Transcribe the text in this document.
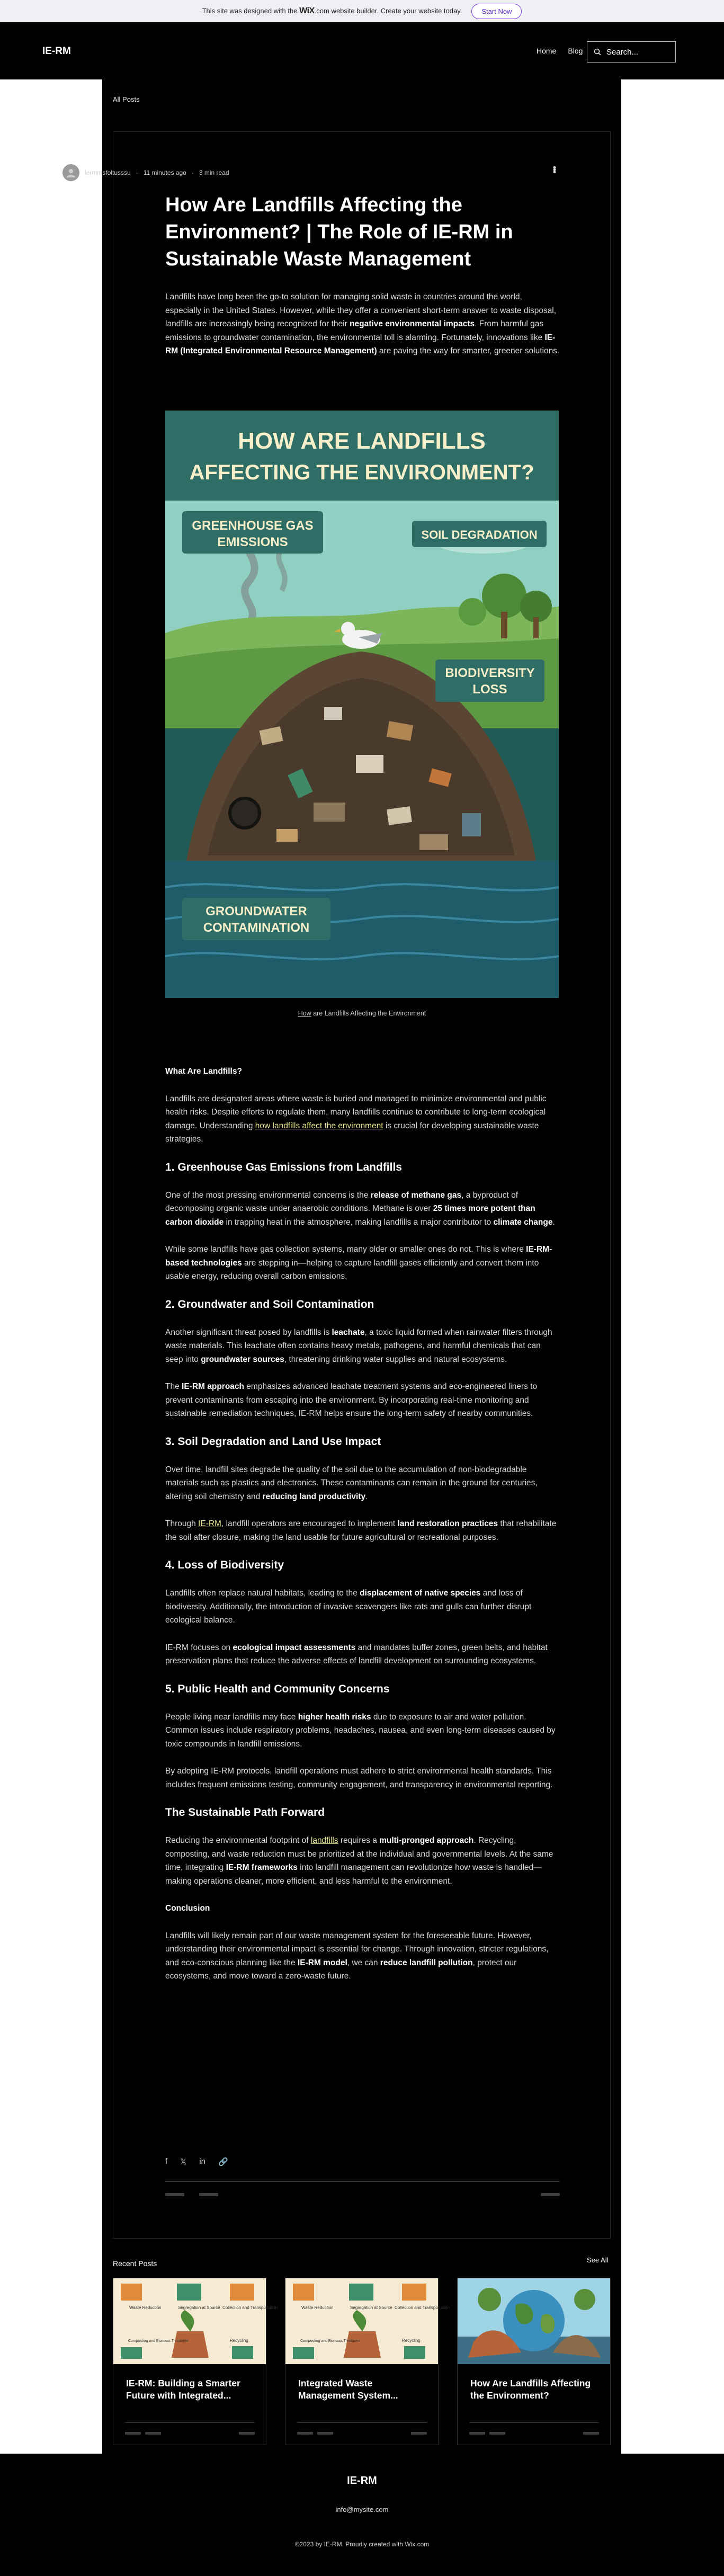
This site was designed with the WiX.com website builder. Create your website today.	Start Now
IE-RM	Home Blog	Search...
All Posts
iermmsfoltusssu · 11 minutes ago · 3 min read	•••
How Are Landfills Affecting the Environment? | The Role of IE-RM in Sustainable Waste Management
Landfills have long been the go-to solution for managing solid waste in countries around the world, especially in the United States. However, while they offer a convenient short-term answer to waste disposal, landfills are increasingly being recognized for their negative environmental impacts. From harmful gas emissions to groundwater contamination, the environmental toll is alarming. Fortunately, innovations like IE-RM (Integrated Environmental Resource Management) are paving the way for smarter, greener solutions.
HOW ARE LANDFILLS
AFFECTING THE ENVIRONMENT?
GREENHOUSE GAS
EMISSIONS
SOIL DEGRADATION
BIODIVERSITY
LOSS
GROUNDWATER
CONTAMINATION
How are Landfills Affecting the Environment
What Are Landfills?

Landfills are designated areas where waste is buried and managed to minimize environmental and public health risks. Despite efforts to regulate them, many landfills continue to contribute to long-term ecological damage. Understanding how landfills affect the environment is crucial for developing sustainable waste strategies.

1. Greenhouse Gas Emissions from Landfills

One of the most pressing environmental concerns is the release of methane gas, a byproduct of decomposing organic waste under anaerobic conditions. Methane is over 25 times more potent than carbon dioxide in trapping heat in the atmosphere, making landfills a major contributor to climate change.

While some landfills have gas collection systems, many older or smaller ones do not. This is where IE-RM-based technologies are stepping in—helping to capture landfill gases efficiently and convert them into usable energy, reducing overall carbon emissions.

2. Groundwater and Soil Contamination

Another significant threat posed by landfills is leachate, a toxic liquid formed when rainwater filters through waste materials. This leachate often contains heavy metals, pathogens, and harmful chemicals that can seep into groundwater sources, threatening drinking water supplies and natural ecosystems.

The IE-RM approach emphasizes advanced leachate treatment systems and eco-engineered liners to prevent contaminants from escaping into the environment. By incorporating real-time monitoring and sustainable remediation techniques, IE-RM helps ensure the long-term safety of nearby communities.

3. Soil Degradation and Land Use Impact

Over time, landfill sites degrade the quality of the soil due to the accumulation of non-biodegradable materials such as plastics and electronics. These contaminants can remain in the ground for centuries, altering soil chemistry and reducing land productivity.

Through IE-RM, landfill operators are encouraged to implement land restoration practices that rehabilitate the soil after closure, making the land usable for future agricultural or recreational purposes.

4. Loss of Biodiversity

Landfills often replace natural habitats, leading to the displacement of native species and loss of biodiversity. Additionally, the introduction of invasive scavengers like rats and gulls can further disrupt ecological balance.

IE-RM focuses on ecological impact assessments and mandates buffer zones, green belts, and habitat preservation plans that reduce the adverse effects of landfill development on surrounding ecosystems.

5. Public Health and Community Concerns

People living near landfills may face higher health risks due to exposure to air and water pollution. Common issues include respiratory problems, headaches, nausea, and even long-term diseases caused by toxic compounds in landfill emissions.

By adopting IE-RM protocols, landfill operations must adhere to strict environmental health standards. This includes frequent emissions testing, community engagement, and transparency in environmental reporting.

The Sustainable Path Forward

Reducing the environmental footprint of landfills requires a multi-pronged approach. Recycling, composting, and waste reduction must be prioritized at the individual and governmental levels. At the same time, integrating IE-RM frameworks into landfill management can revolutionize how waste is handled—making operations cleaner, more efficient, and less harmful to the environment.

Conclusion

Landfills will likely remain part of our waste management system for the foreseeable future. However, understanding their environmental impact is essential for change. Through innovation, stricter regulations, and eco-conscious planning like the IE-RM model, we can reduce landfill pollution, protect our ecosystems, and move toward a zero-waste future.

f 𝕏 in 🔗
Recent Posts	See All
Waste Reduction	Segregation at Source Collection and Transportation
Composting and Biomass Treatment	Recycling
IE-RM: Building a Smarter Future with Integrated...
Waste Reduction	Segregation at Source Collection and Transportation
Composting and Biomass Treatment	Recycling
Integrated Waste Management System...
How Are Landfills Affecting the Environment?
IE-RM
info@mysite.com
©2023 by IE-RM. Proudly created with Wix.com
